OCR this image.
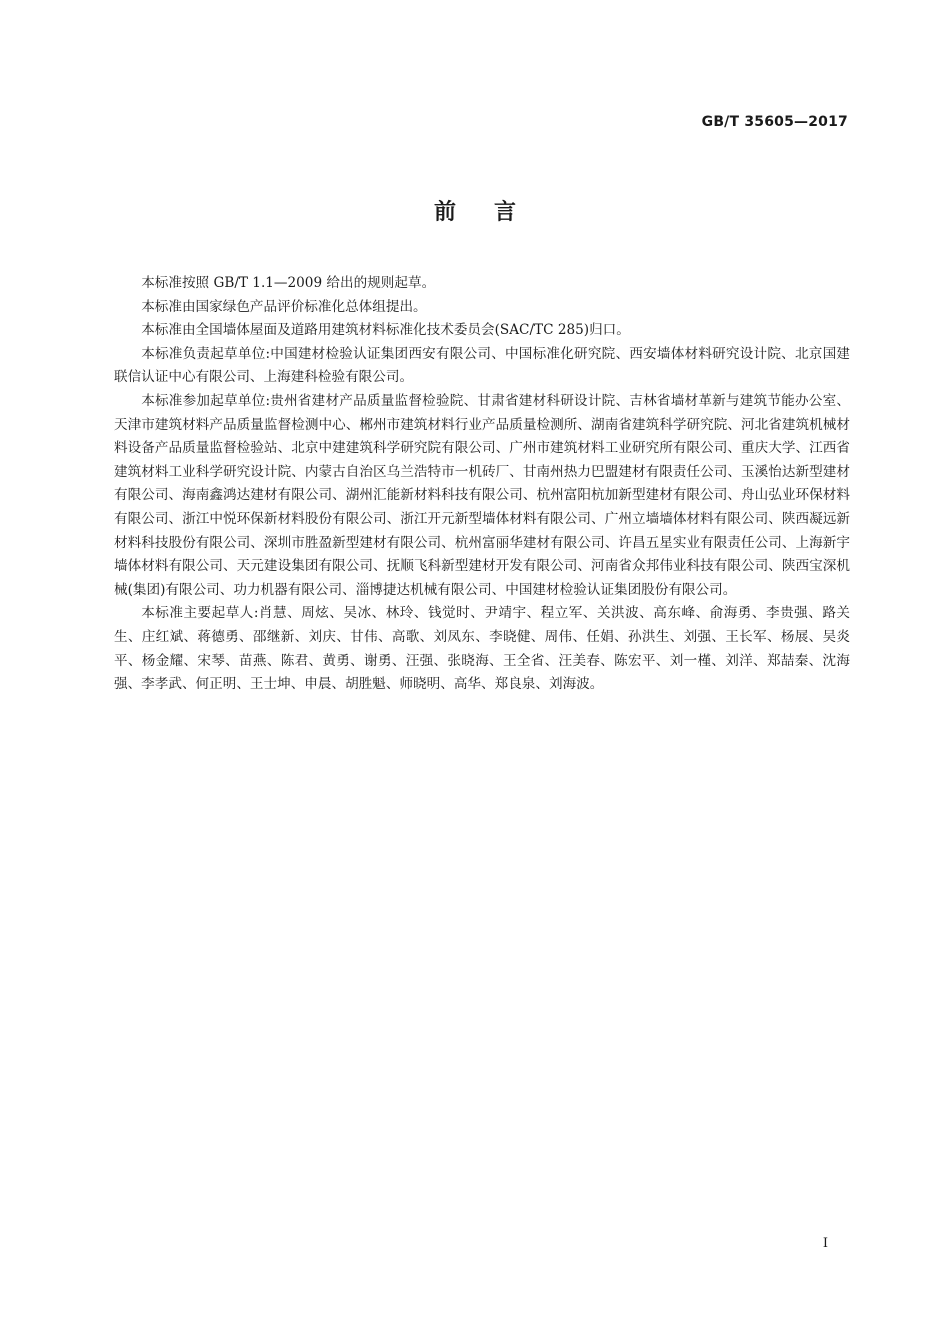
GB/T 35605—2017
前言

本标准按照 GB/T 1.1—2009 给出的规则起草。

本标准由国家绿色产品评价标准化总体组提出。

本标准由全国墙体屋面及道路用建筑材料标准化技术委员会(SAC/TC 285)归口。

本标准负责起草单位:中国建材检验认证集团西安有限公司、中国标准化研究院、西安墙体材料研究设计院、北京国建联信认证中心有限公司、上海建科检验有限公司。

本标准参加起草单位:贵州省建材产品质量监督检验院、甘肃省建材科研设计院、吉林省墙材革新与建筑节能办公室、天津市建筑材料产品质量监督检测中心、郴州市建筑材料行业产品质量检测所、湖南省建筑科学研究院、河北省建筑机械材料设备产品质量监督检验站、北京中建建筑科学研究院有限公司、广州市建筑材料工业研究所有限公司、重庆大学、江西省建筑材料工业科学研究设计院、内蒙古自治区乌兰浩特市一机砖厂、甘南州热力巴盟建材有限责任公司、玉溪怡达新型建材有限公司、海南鑫鸿达建材有限公司、湖州汇能新材料科技有限公司、杭州富阳杭加新型建材有限公司、舟山弘业环保材料有限公司、浙江中悦环保新材料股份有限公司、浙江开元新型墙体材料有限公司、广州立墙墙体材料有限公司、陕西凝远新材料科技股份有限公司、深圳市胜盈新型建材有限公司、杭州富丽华建材有限公司、许昌五星实业有限责任公司、上海新宇墙体材料有限公司、天元建设集团有限公司、抚顺飞科新型建材开发有限公司、河南省众邦伟业科技有限公司、陕西宝深机械(集团)有限公司、功力机器有限公司、淄博捷达机械有限公司、中国建材检验认证集团股份有限公司。

本标准主要起草人:肖慧、周炫、吴冰、林玲、钱觉时、尹靖宇、程立军、关洪波、高东峰、俞海勇、李贵强、路关生、庄红斌、蒋德勇、邵继新、刘庆、甘伟、高歌、刘凤东、李晓健、周伟、任娟、孙洪生、刘强、王长军、杨展、吴炎平、杨金耀、宋琴、苗燕、陈君、黄勇、谢勇、汪强、张晓海、王全省、汪美春、陈宏平、刘一槿、刘洋、郑喆秦、沈海强、李孝武、何正明、王士坤、申晨、胡胜魁、师晓明、高华、郑良泉、刘海波。

I
